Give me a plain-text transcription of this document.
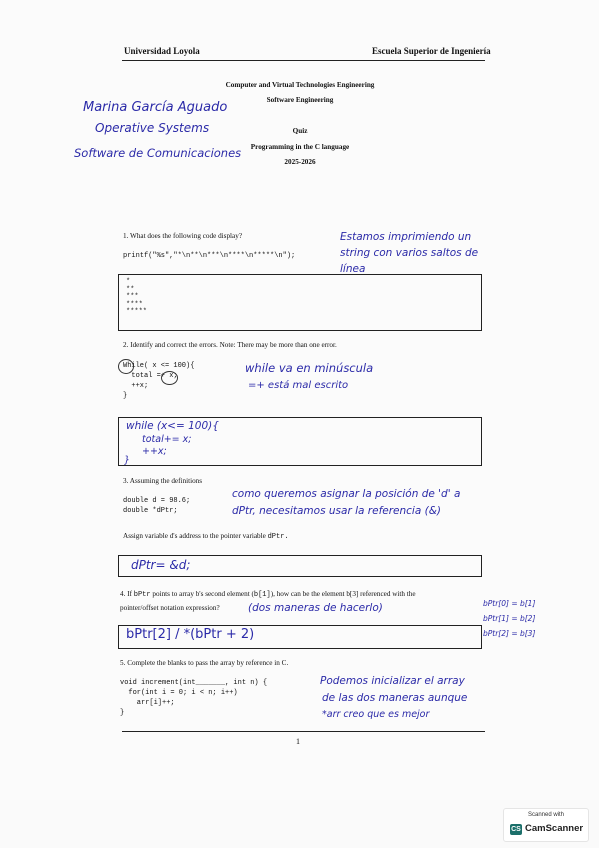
Universidad Loyola	Escuela Superior de Ingeniería
Computer and Virtual Technologies Engineering
Software Engineering
Quiz
Programming in the C language
2025-2026
Marina García Aguado
Operative Systems
Software de Comunicaciones
1. What does the following code display?
printf("%s","*\n**\n***\n****\n*****\n");
Estamos imprimiendo un
string con varios saltos de
línea
*
**
***
****
*****
2. Identify and correct the errors. Note: There may be more than one error.
While( x <= 100){
total =+ x;
++x;
}
while va en minúscula
=+ está mal escrito
while (x<= 100){
total+= x;
++x;
}
3. Assuming the definitions
double d = 98.6;
double *dPtr;
como queremos asignar la posición de 'd' a
dPtr, necesitamos usar la referencia (&)
Assign variable d's address to the pointer variable dPtr.
dPtr= &d;
4. If bPtr points to array b's second element (b[1]), how can be the element b[3] referenced with the
pointer/offset notation expression?	(dos maneras de hacerlo)	bPtr[0] = b[1]
bPtr[1] = b[2]
bPtr[2] = b[3]
bPtr[2] / *(bPtr + 2)
5. Complete the blanks to pass the array by reference in C.
void increment(int_______, int n) {
for(int i = 0; i < n; i++)
arr[i]++;
}
Podemos inicializar el array
de las dos maneras aunque
*arr creo que es mejor
1
Scanned with
CS CamScanner
